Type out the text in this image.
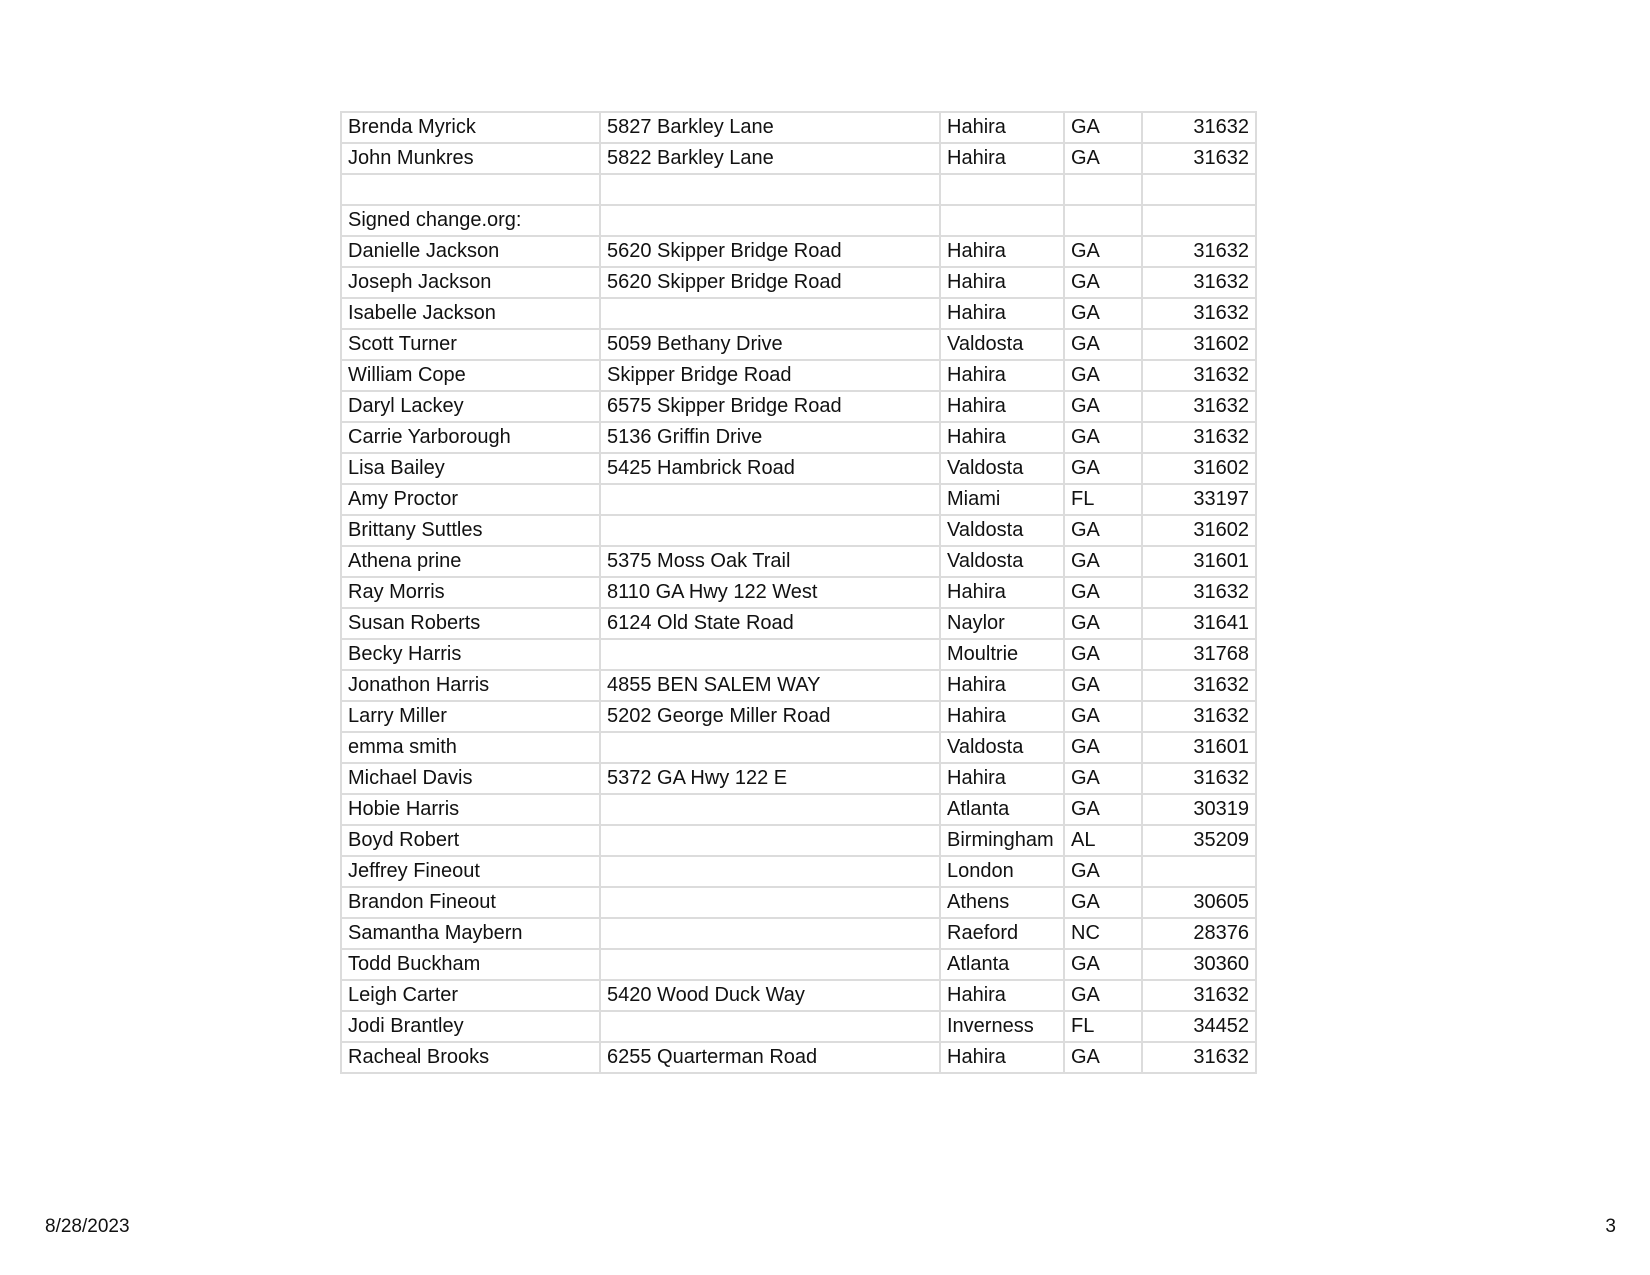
Brenda Myrick	5827 Barkley Lane	Hahira	GA	31632
John Munkres	5822 Barkley Lane	Hahira	GA	31632

Signed change.org:				
Danielle Jackson	5620 Skipper Bridge Road	Hahira	GA	31632
Joseph Jackson	5620 Skipper Bridge Road	Hahira	GA	31632
Isabelle Jackson		Hahira	GA	31632
Scott Turner	5059 Bethany Drive	Valdosta	GA	31602
William Cope	Skipper Bridge Road	Hahira	GA	31632
Daryl Lackey	6575 Skipper Bridge Road	Hahira	GA	31632
Carrie Yarborough	5136 Griffin Drive	Hahira	GA	31632
Lisa Bailey	5425 Hambrick Road	Valdosta	GA	31602
Amy Proctor		Miami	FL	33197
Brittany Suttles		Valdosta	GA	31602
Athena prine	5375 Moss Oak Trail	Valdosta	GA	31601
Ray Morris	8110 GA Hwy 122 West	Hahira	GA	31632
Susan Roberts	6124 Old State Road	Naylor	GA	31641
Becky Harris		Moultrie	GA	31768
Jonathon Harris	4855 BEN SALEM WAY	Hahira	GA	31632
Larry Miller	5202 George Miller Road	Hahira	GA	31632
emma smith		Valdosta	GA	31601
Michael Davis	5372 GA Hwy 122 E	Hahira	GA	31632
Hobie Harris		Atlanta	GA	30319
Boyd Robert		Birmingham	AL	35209
Jeffrey Fineout		London	GA	
Brandon Fineout		Athens	GA	30605
Samantha Maybern		Raeford	NC	28376
Todd Buckham		Atlanta	GA	30360
Leigh Carter	5420 Wood Duck Way	Hahira	GA	31632
Jodi Brantley		Inverness	FL	34452
Racheal Brooks	6255 Quarterman Road	Hahira	GA	31632
8/28/2023	3
